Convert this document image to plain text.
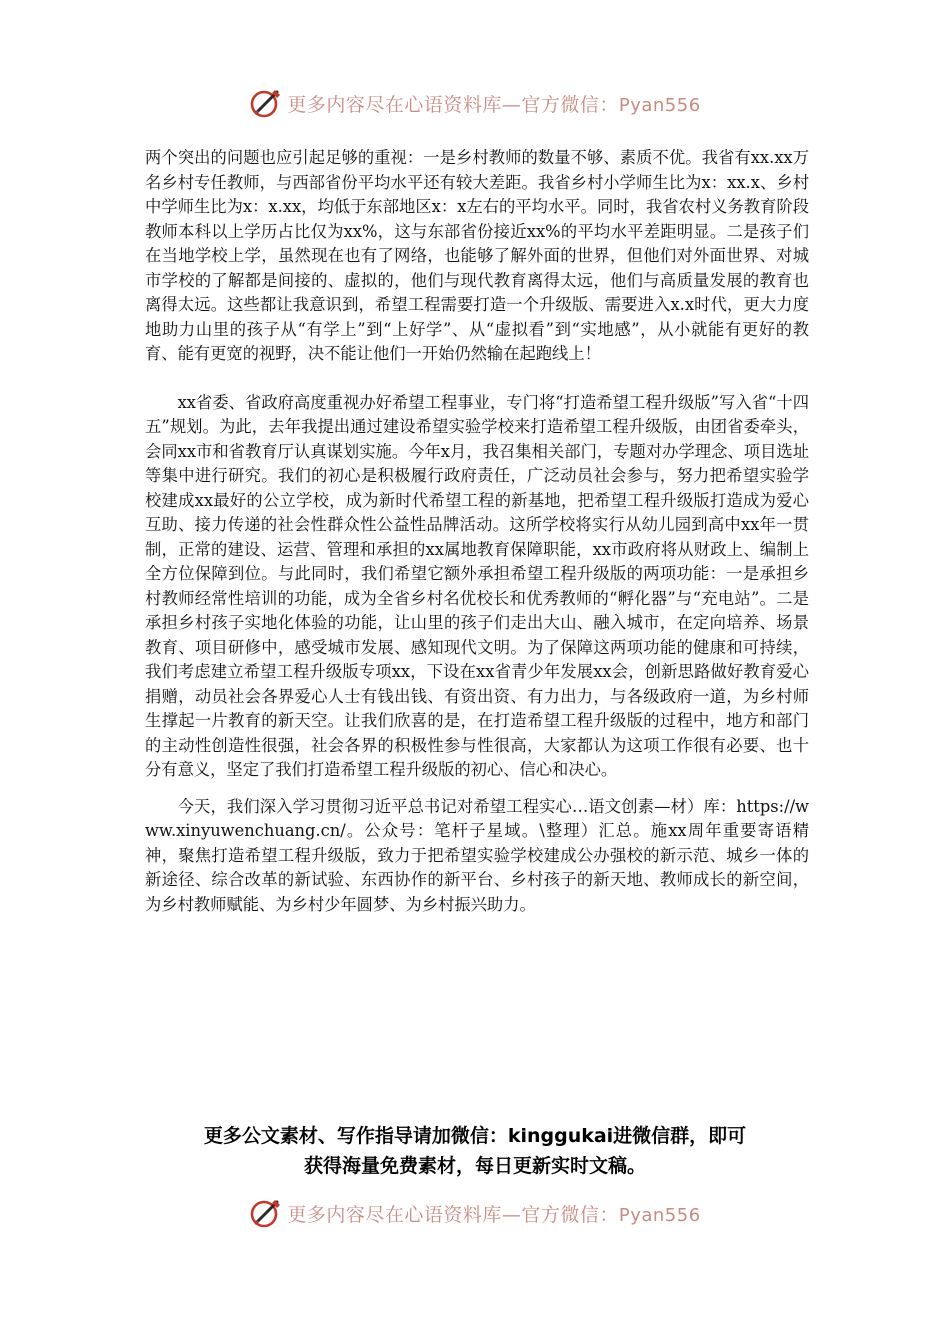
更多内容尽在心语资料库—官方微信：Pyan556

两个突出的问题也应引起足够的重视：一是乡村教师的数量不够、素质不优。我省有xx.xx万名乡村专任教师，与西部省份平均水平还有较大差距。我省乡村小学师生比为x：xx.x、乡村中学师生比为x：x.xx，均低于东部地区x：x左右的平均水平。同时，我省农村义务教育阶段教师本科以上学历占比仅为xx%，这与东部省份接近xx%的平均水平差距明显。二是孩子们在当地学校上学，虽然现在也有了网络，也能够了解外面的世界，但他们对外面世界、对城市学校的了解都是间接的、虚拟的，他们与现代教育离得太远，他们与高质量发展的教育也离得太远。这些都让我意识到，希望工程需要打造一个升级版、需要进入x.x时代，更大力度地助力山里的孩子从“有学上”到“上好学”、从“虚拟看”到“实地感”，从小就能有更好的教育、能有更宽的视野，决不能让他们一开始仍然输在起跑线上！

xx省委、省政府高度重视办好希望工程事业，专门将“打造希望工程升级版”写入省“十四五”规划。为此，去年我提出通过建设希望实验学校来打造希望工程升级版，由团省委牵头，会同xx市和省教育厅认真谋划实施。今年x月，我召集相关部门，专题对办学理念、项目选址等集中进行研究。我们的初心是积极履行政府责任，广泛动员社会参与，努力把希望实验学校建成xx最好的公立学校，成为新时代希望工程的新基地，把希望工程升级版打造成为爱心互助、接力传递的社会性群众性公益性品牌活动。这所学校将实行从幼儿园到高中xx年一贯制，正常的建设、运营、管理和承担的xx属地教育保障职能，xx市政府将从财政上、编制上全方位保障到位。与此同时，我们希望它额外承担希望工程升级版的两项功能：一是承担乡村教师经常性培训的功能，成为全省乡村名优校长和优秀教师的“孵化器”与“充电站”。二是承担乡村孩子实地化体验的功能，让山里的孩子们走出大山、融入城市，在定向培养、场景教育、项目研修中，感受城市发展、感知现代文明。为了保障这两项功能的健康和可持续，我们考虑建立希望工程升级版专项xx，下设在xx省青少年发展xx会，创新思路做好教育爱心捐赠，动员社会各界爱心人士有钱出钱、有资出资、有力出力，与各级政府一道，为乡村师生撑起一片教育的新天空。让我们欣喜的是，在打造希望工程升级版的过程中，地方和部门的主动性创造性很强，社会各界的积极性参与性很高，大家都认为这项工作很有必要、也十分有意义，坚定了我们打造希望工程升级版的初心、信心和决心。

今天，我们深入学习贯彻习近平总书记对希望工程实心…语文创素—材）库：https://www.xinyuwenchuang.cn/。公众号：笔杆子星域。\整理）汇总。施xx周年重要寄语精神，聚焦打造希望工程升级版，致力于把希望实验学校建成公办强校的新示范、城乡一体的新途径、综合改革的新试验、东西协作的新平台、乡村孩子的新天地、教师成长的新空间，为乡村教师赋能、为乡村少年圆梦、为乡村振兴助力。

更多公文素材、写作指导请加微信：kinggukai进微信群，即可
获得海量免费素材，每日更新实时文稿。
更多内容尽在心语资料库—官方微信：Pyan556
